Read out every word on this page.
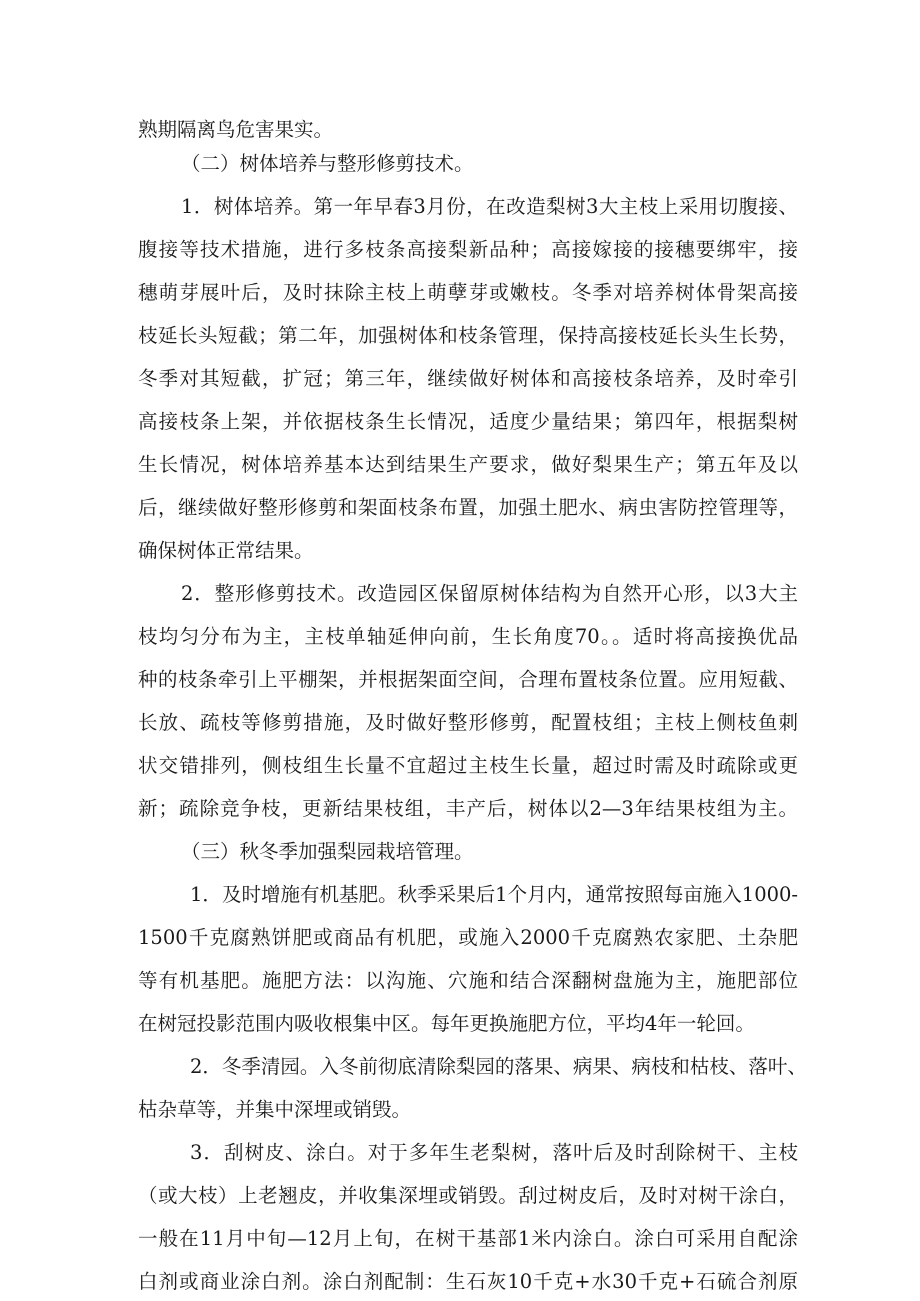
熟期隔离鸟危害果实。
（二）树体培养与整形修剪技术。
1．树体培养。第一年早春3月份，在改造梨树3大主枝上采用切腹接、
腹接等技术措施，进行多枝条高接梨新品种；高接嫁接的接穗要绑牢，接
穗萌芽展叶后，及时抹除主枝上萌孽芽或嫩枝。冬季对培养树体骨架高接
枝延长头短截；第二年，加强树体和枝条管理，保持高接枝延长头生长势，
冬季对其短截，扩冠；第三年，继续做好树体和高接枝条培养，及时牵引
高接枝条上架，并依据枝条生长情况，适度少量结果；第四年，根据梨树
生长情况，树体培养基本达到结果生产要求，做好梨果生产；第五年及以
后，继续做好整形修剪和架面枝条布置，加强土肥水、病虫害防控管理等，
确保树体正常结果。
2．整形修剪技术。改造园区保留原树体结构为自然开心形，以3大主
枝均匀分布为主，主枝单轴延伸向前，生长角度70。。适时将高接换优品
种的枝条牵引上平棚架，并根据架面空间，合理布置枝条位置。应用短截、
长放、疏枝等修剪措施，及时做好整形修剪，配置枝组；主枝上侧枝鱼刺
状交错排列，侧枝组生长量不宜超过主枝生长量，超过时需及时疏除或更
新；疏除竞争枝，更新结果枝组，丰产后，树体以2—3年结果枝组为主。
（三）秋冬季加强梨园栽培管理。
1．及时增施有机基肥。秋季采果后1个月内，通常按照每亩施入1000-
1500千克腐熟饼肥或商品有机肥，或施入2000千克腐熟农家肥、土杂肥
等有机基肥。施肥方法：以沟施、穴施和结合深翻树盘施为主，施肥部位
在树冠投影范围内吸收根集中区。每年更换施肥方位，平均4年一轮回。
2．冬季清园。入冬前彻底清除梨园的落果、病果、病枝和枯枝、落叶、
枯杂草等，并集中深埋或销毁。
3．刮树皮、涂白。对于多年生老梨树，落叶后及时刮除树干、主枝
（或大枝）上老翘皮，并收集深埋或销毁。刮过树皮后，及时对树干涂白，
一般在11月中旬—12月上旬，在树干基部1米内涂白。涂白可采用自配涂
白剂或商业涂白剂。涂白剂配制：生石灰10千克+水30千克+石硫合剂原
